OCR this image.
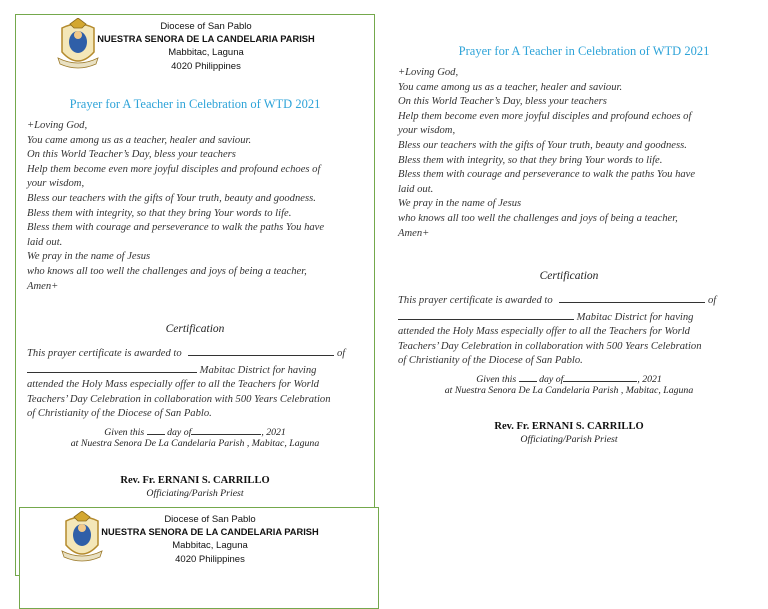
Diocese of San Pablo
NUESTRA SENORA DE LA CANDELARIA PARISH
Mabbitac, Laguna
4020 Philippines
Prayer for A Teacher in Celebration of WTD 2021
+Loving God,
You came among us as a teacher, healer and saviour.
On this World Teacher’s Day, bless your teachers
Help them become even more joyful disciples and profound echoes of
your wisdom,
Bless our teachers with the gifts of Your truth, beauty and goodness.
Bless them with integrity, so that they bring Your words to life.
Bless them with courage and perseverance to walk the paths You have
laid out.
We pray in the name of Jesus
who knows all too well the challenges and joys of being a teacher,
Amen+
Certification
This prayer certificate is awarded to	of
Mabitac District for having
attended the Holy Mass especially offer to all the Teachers for World
Teachers’ Day Celebration in collaboration with 500 Years Celebration
of Christianity of the Diocese of San Pablo.
Given this day of	, 2021
at Nuestra Senora De La Candelaria Parish , Mabitac, Laguna
Rev. Fr. ERNANI S. CARRILLO
Officiating/Parish Priest
Diocese of San Pablo
NUESTRA SENORA DE LA CANDELARIA PARISH
Mabbitac, Laguna
4020 Philippines
Prayer for A Teacher in Celebration of WTD 2021
+Loving God,
You came among us as a teacher, healer and saviour.
On this World Teacher’s Day, bless your teachers
Help them become even more joyful disciples and profound echoes of
your wisdom,
Bless our teachers with the gifts of Your truth, beauty and goodness.
Bless them with integrity, so that they bring Your words to life.
Bless them with courage and perseverance to walk the paths You have
laid out.
We pray in the name of Jesus
who knows all too well the challenges and joys of being a teacher,
Amen+
Certification
This prayer certificate is awarded to	of
Mabitac District for having
attended the Holy Mass especially offer to all the Teachers for World
Teachers’ Day Celebration in collaboration with 500 Years Celebration
of Christianity of the Diocese of San Pablo.
Given this day of	, 2021
at Nuestra Senora De La Candelaria Parish , Mabitac, Laguna
Rev. Fr. ERNANI S. CARRILLO
Officiating/Parish Priest
